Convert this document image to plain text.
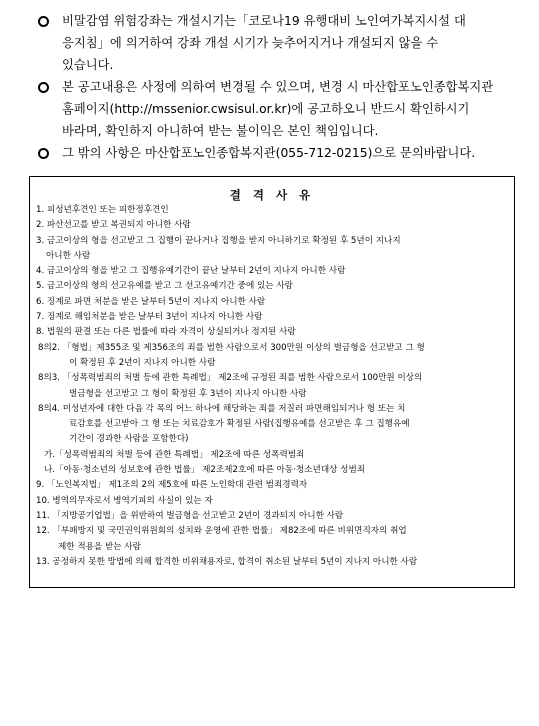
비말감염 위험강좌는 개설시기는「코로나19 유행대비 노인여가복지시설 대
응지침」에 의거하여 강좌 개설 시기가 늦추어지거나 개설되지 않을 수
있습니다.
본 공고내용은 사정에 의하여 변경될 수 있으며, 변경 시 마산합포노인종합복지관
홈페이지(http://mssenior.cwsisul.or.kr)에 공고하오니 반드시 확인하시기
바라며, 확인하지 아니하여 받는 불이익은 본인 책임입니다.
그 밖의 사항은 마산합포노인종합복지관(055-712-0215)으로 문의바랍니다.
결 격 사 유
1. 피성년후견인 또는 피한정후견인
2. 파산선고를 받고 복권되지 아니한 사람
3. 금고이상의 형을 선고받고 그 집행이 끝나거나 집행을 받지 아니하기로 확정된 후 5년이 지나지
아니한 사람
4. 금고이상의 형을 받고 그 집행유예기간이 끝난 날부터 2년이 지나지 아니한 사람
5. 금고이상의 형의 선고유예를 받고 그 선고유예기간 중에 있는 사람
6. 징계로 파면 처분을 받은 날부터 5년이 지나지 아니한 사람
7. 징계로 해임처분을 받은 날부터 3년이 지나지 아니한 사람
8. 법원의 판결 또는 다른 법률에 따라 자격이 상실되거나 정지된 사람
8의2. 「형법」제355조 및 제356조의 죄를 범한 사람으로서 300만원 이상의 벌금형을 선고받고 그 형
이 확정된 후 2년이 지나지 아니한 사람
8의3. 「성폭력범죄의 처벌 등에 관한 특례법」 제2조에 규정된 죄를 범한 사람으로서 100만원 이상의
벌금형을 선고받고 그 형이 확정된 후 3년이 지나지 아니한 사람
8의4. 미성년자에 대한 다음 각 목의 어느 하나에 해당하는 죄를 저질러 파면해임되거나 형 또는 치
료감호를 선고받아 그 형 또는 치료감호가 확정된 사람(집행유예를 선고받은 후 그 집행유예
기간이 경과한 사람을 포함한다)
가.「성폭력범죄의 처벌 등에 관한 특례법」 제2조에 따른 성폭력범죄
나.「아동·청소년의 성보호에 관한 법률」 제2조제2호에 따른 아동·청소년대상 성범죄
9. 「노인복지법」 제1조의 2의 제5호에 따른 노인학대 관련 범죄경력자
10. 병역의무자로서 병역기피의 사실이 있는 자
11. 「지방공기업법」을 위반하여 벌금형을 선고받고 2년이 경과되지 아니한 사람
12. 「부패방지 및 국민권익위원회의 설치와 운영에 관한 법률」 제82조에 따른 비위면직자의 취업
제한 적용을 받는 사람
13. 공정하지 못한 방법에 의해 합격한 비위채용자로, 합격이 취소된 날부터 5년이 지나지 아니한 사람
